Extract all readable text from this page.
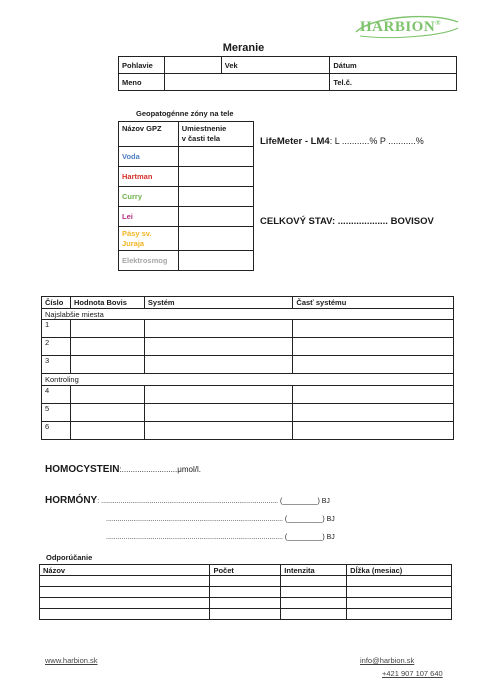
HARBION®
Meranie
Pohlavie		Vek		Dátum	
Meno				Tel.č.	
Geopatogénne zóny na tele
Názov GPZ	Umiestnenie
v časti tela
Voda	
Hartman	
Curry	
Lei	
Pásy sv. Juraja	
Elektrosmog	
LifeMeter - LM4: L ...........% P ...........%
CELKOVÝ STAV: ................... BOVISOV
Číslo	Hodnota Bovis	Systém	Časť systému
Najslabšie miesta			
1			
2			
3			
Kontroling			
4			
5			
6			
HOMOCYSTEIN:.........................μmol/l.
HORMÓNY: ........................................................................................... (_________) BJ
........................................................................................... (_________) BJ
........................................................................................... (_________) BJ
Odporúčanie
Názov	Počet	Intenzita	Dĺžka (mesiac)

www.harbion.sk	info@harbion.sk
+421 907 107 640
